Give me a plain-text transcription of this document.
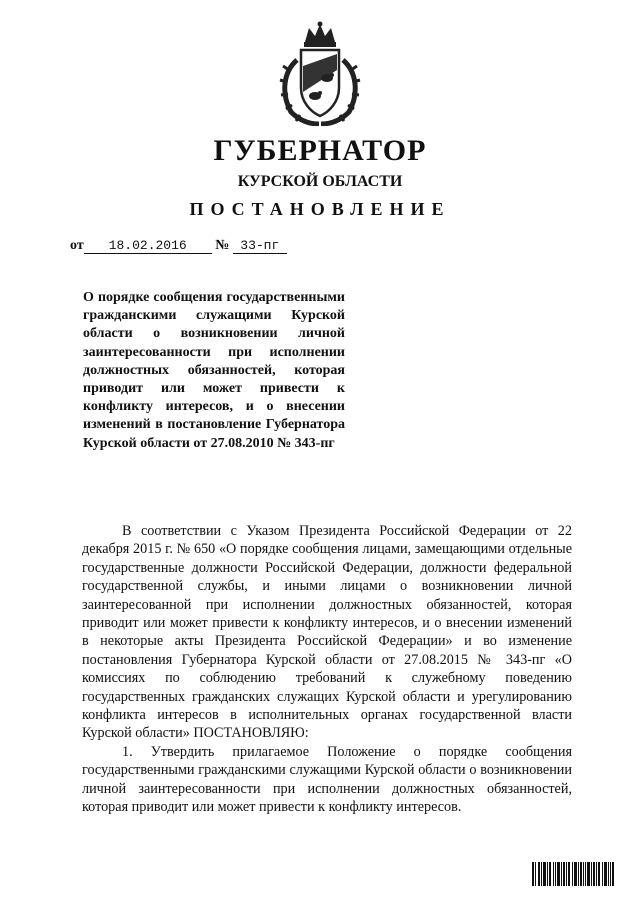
ГУБЕРНАТОР
КУРСКОЙ ОБЛАСТИ
ПОСТАНОВЛЕНИЕ
от 18.02.2016 № 33-пг
О порядке сообщения государственными гражданскими служащими Курской области о возникновении личной заинтересованности при исполнении должностных обязанностей, которая приводит или может привести к конфликту интересов, и о внесении изменений в постановление Губернатора Курской области от 27.08.2010 № 343-пг

В соответствии с Указом Президента Российской Федерации от 22 декабря 2015 г. № 650 «О порядке сообщения лицами, замещающими отдельные государственные должности Российской Федерации, должности федеральной государственной службы, и иными лицами о возникновении личной заинтересованной при исполнении должностных обязанностей, которая приводит или может привести к конфликту интересов, и о внесении изменений в некоторые акты Президента Российской Федерации» и во изменение постановления Губернатора Курской области от 27.08.2015 № 343-пг «О комиссиях по соблюдению требований к служебному поведению государственных гражданских служащих Курской области и урегулированию конфликта интересов в исполнительных органах государственной власти Курской области» ПОСТАНОВЛЯЮ:

1. Утвердить прилагаемое Положение о порядке сообщения государственными гражданскими служащими Курской области о возникновении личной заинтересованности при исполнении должностных обязанностей, которая приводит или может привести к конфликту интересов.
